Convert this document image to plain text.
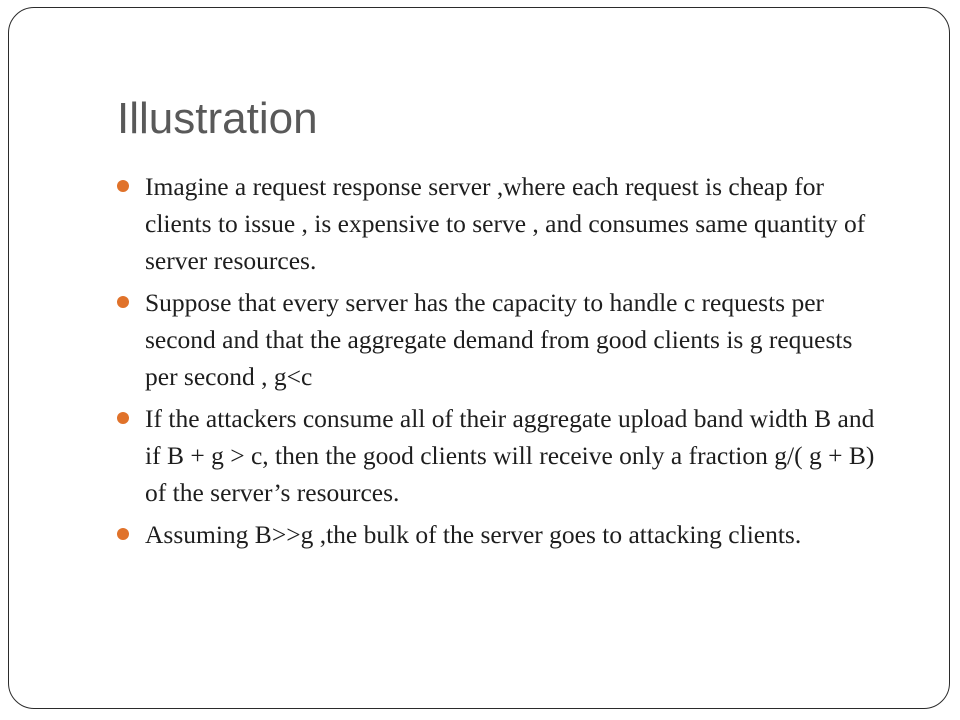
Illustration
Imagine a request response server ,where each request is cheap for clients to issue , is expensive to serve , and consumes same quantity of server resources.
Suppose that every server has the capacity to handle c requests per second and that the aggregate demand from good clients is g requests per second , g<c
If the attackers consume all of their aggregate upload band width B and if B + g > c, then the good clients will receive only a fraction g/( g + B) of the server’s resources.
Assuming B>>g ,the bulk of the server goes to attacking clients.
